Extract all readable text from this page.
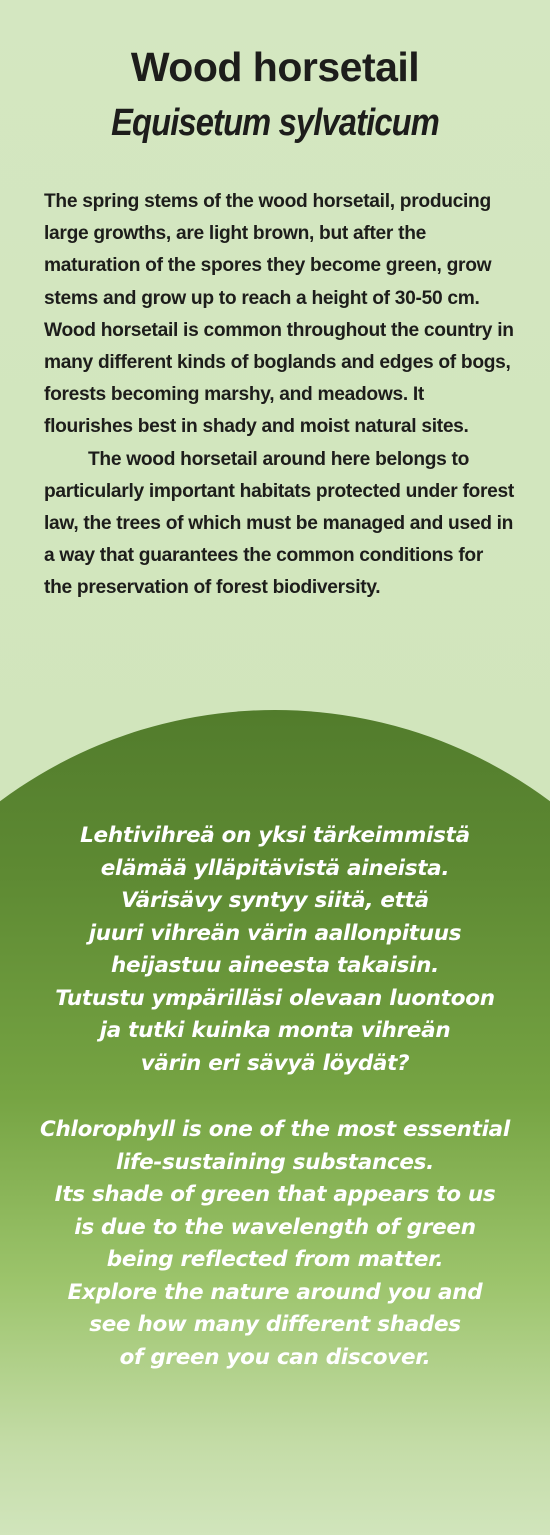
Wood horsetail
Equisetum sylvaticum

The spring stems of the wood horsetail, producing large growths, are light brown, but after the maturation of the spores they become green, grow stems and grow up to reach a height of 30-50 cm. Wood horsetail is common throughout the country in many different kinds of boglands and edges of bogs, forests becoming marshy, and meadows. It flourishes best in shady and moist natural sites.

The wood horsetail around here belongs to particularly important habitats protected under forest law, the trees of which must be managed and used in a way that guarantees the common conditions for the preservation of forest biodiversity.

Lehtivihreä on yksi tärkeimmistä
elämää ylläpitävistä aineista.
Värisävy syntyy siitä, että
juuri vihreän värin aallonpituus
heijastuu aineesta takaisin.
Tutustu ympärilläsi olevaan luontoon
ja tutki kuinka monta vihreän
värin eri sävyä löydät?
Chlorophyll is one of the most essential
life-sustaining substances.
Its shade of green that appears to us
is due to the wavelength of green
being reflected from matter.
Explore the nature around you and
see how many different shades
of green you can discover.
